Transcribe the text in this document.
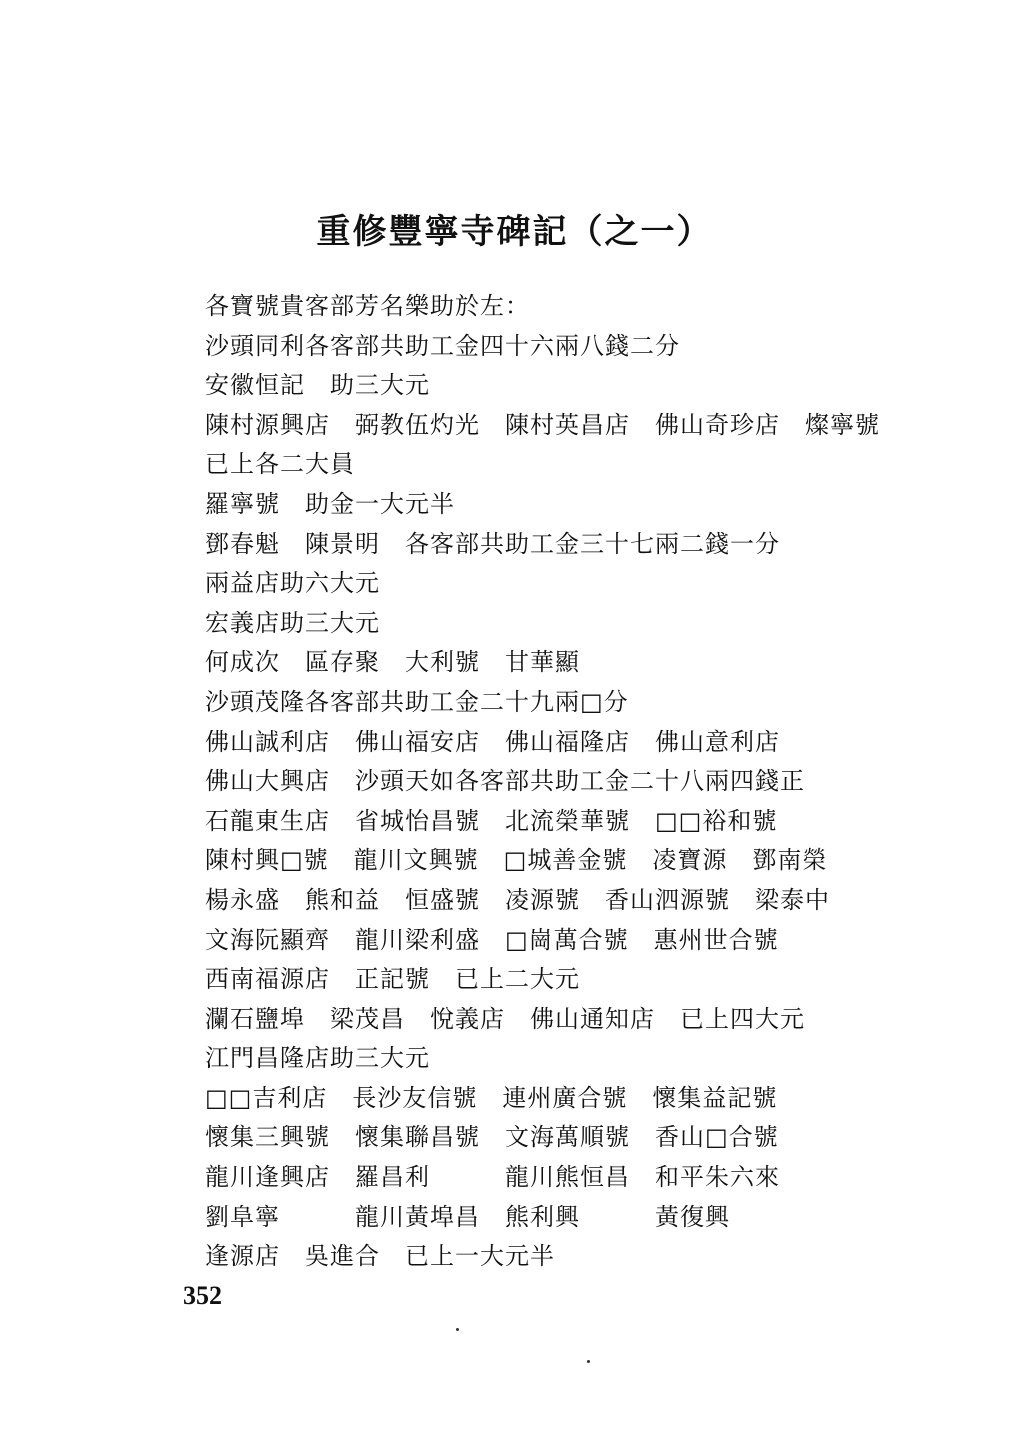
重修豐寧寺碑記（之一）
各寶號貴客部芳名樂助於左：
沙頭同利各客部共助工金四十六兩八錢二分
安徽恒記　助三大元
陳村源興店　弼教伍灼光　陳村英昌店　佛山奇珍店　燦寧號
已上各二大員
羅寧號　助金一大元半
鄧春魁　陳景明　各客部共助工金三十七兩二錢一分
兩益店助六大元
宏義店助三大元
何成次　區存聚　大利號　甘華顯
沙頭茂隆各客部共助工金二十九兩□分
佛山誠利店　佛山福安店　佛山福隆店　佛山意利店
佛山大興店　沙頭天如各客部共助工金二十八兩四錢正
石龍東生店　省城怡昌號　北流榮華號　□□裕和號
陳村興□號　龍川文興號　□城善金號　凌寶源　鄧南榮
楊永盛　熊和益　恒盛號　凌源號　香山泗源號　梁泰中
文海阮顯齊　龍川梁利盛　□崗萬合號　惠州世合號
西南福源店　正記號　已上二大元
瀾石鹽埠　梁茂昌　悅義店　佛山通知店　已上四大元
江門昌隆店助三大元
□□吉利店　長沙友信號　連州廣合號　懷集益記號
懷集三興號　懷集聯昌號　文海萬順號　香山□合號
龍川逢興店　羅昌利　　　龍川熊恒昌　和平朱六來
劉阜寧　　　龍川黃埠昌　熊利興　　　黃復興
逢源店　吳進合　已上一大元半
352
